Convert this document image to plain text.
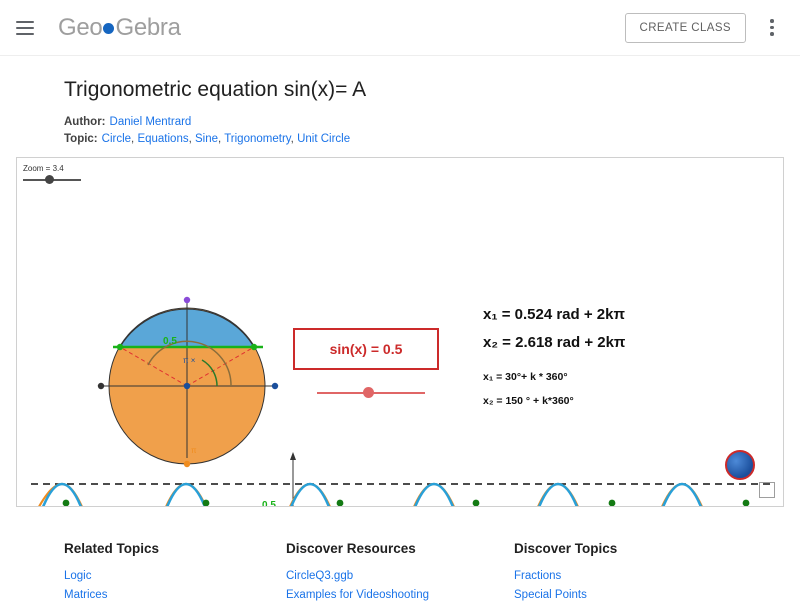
Geo Gebra	CREATE CLASS
Trigonometric equation sin(x)= A
Author: Daniel Mentrard
Topic: Circle, Equations, Sine, Trigonometry, Unit Circle
Zoom = 3.4
0.5
π ×
π
0.5
sin(x) = 0.5
x₁ = 0.524 rad + 2kπ
x₂ = 2.618 rad + 2kπ
x₁ = 30°+ k * 360°
x₂ = 150 ° + k*360°
Related Topics
Logic
Matrices
Discover Resources
CircleQ3.ggb
Examples for Videoshooting
Discover Topics
Fractions
Special Points
